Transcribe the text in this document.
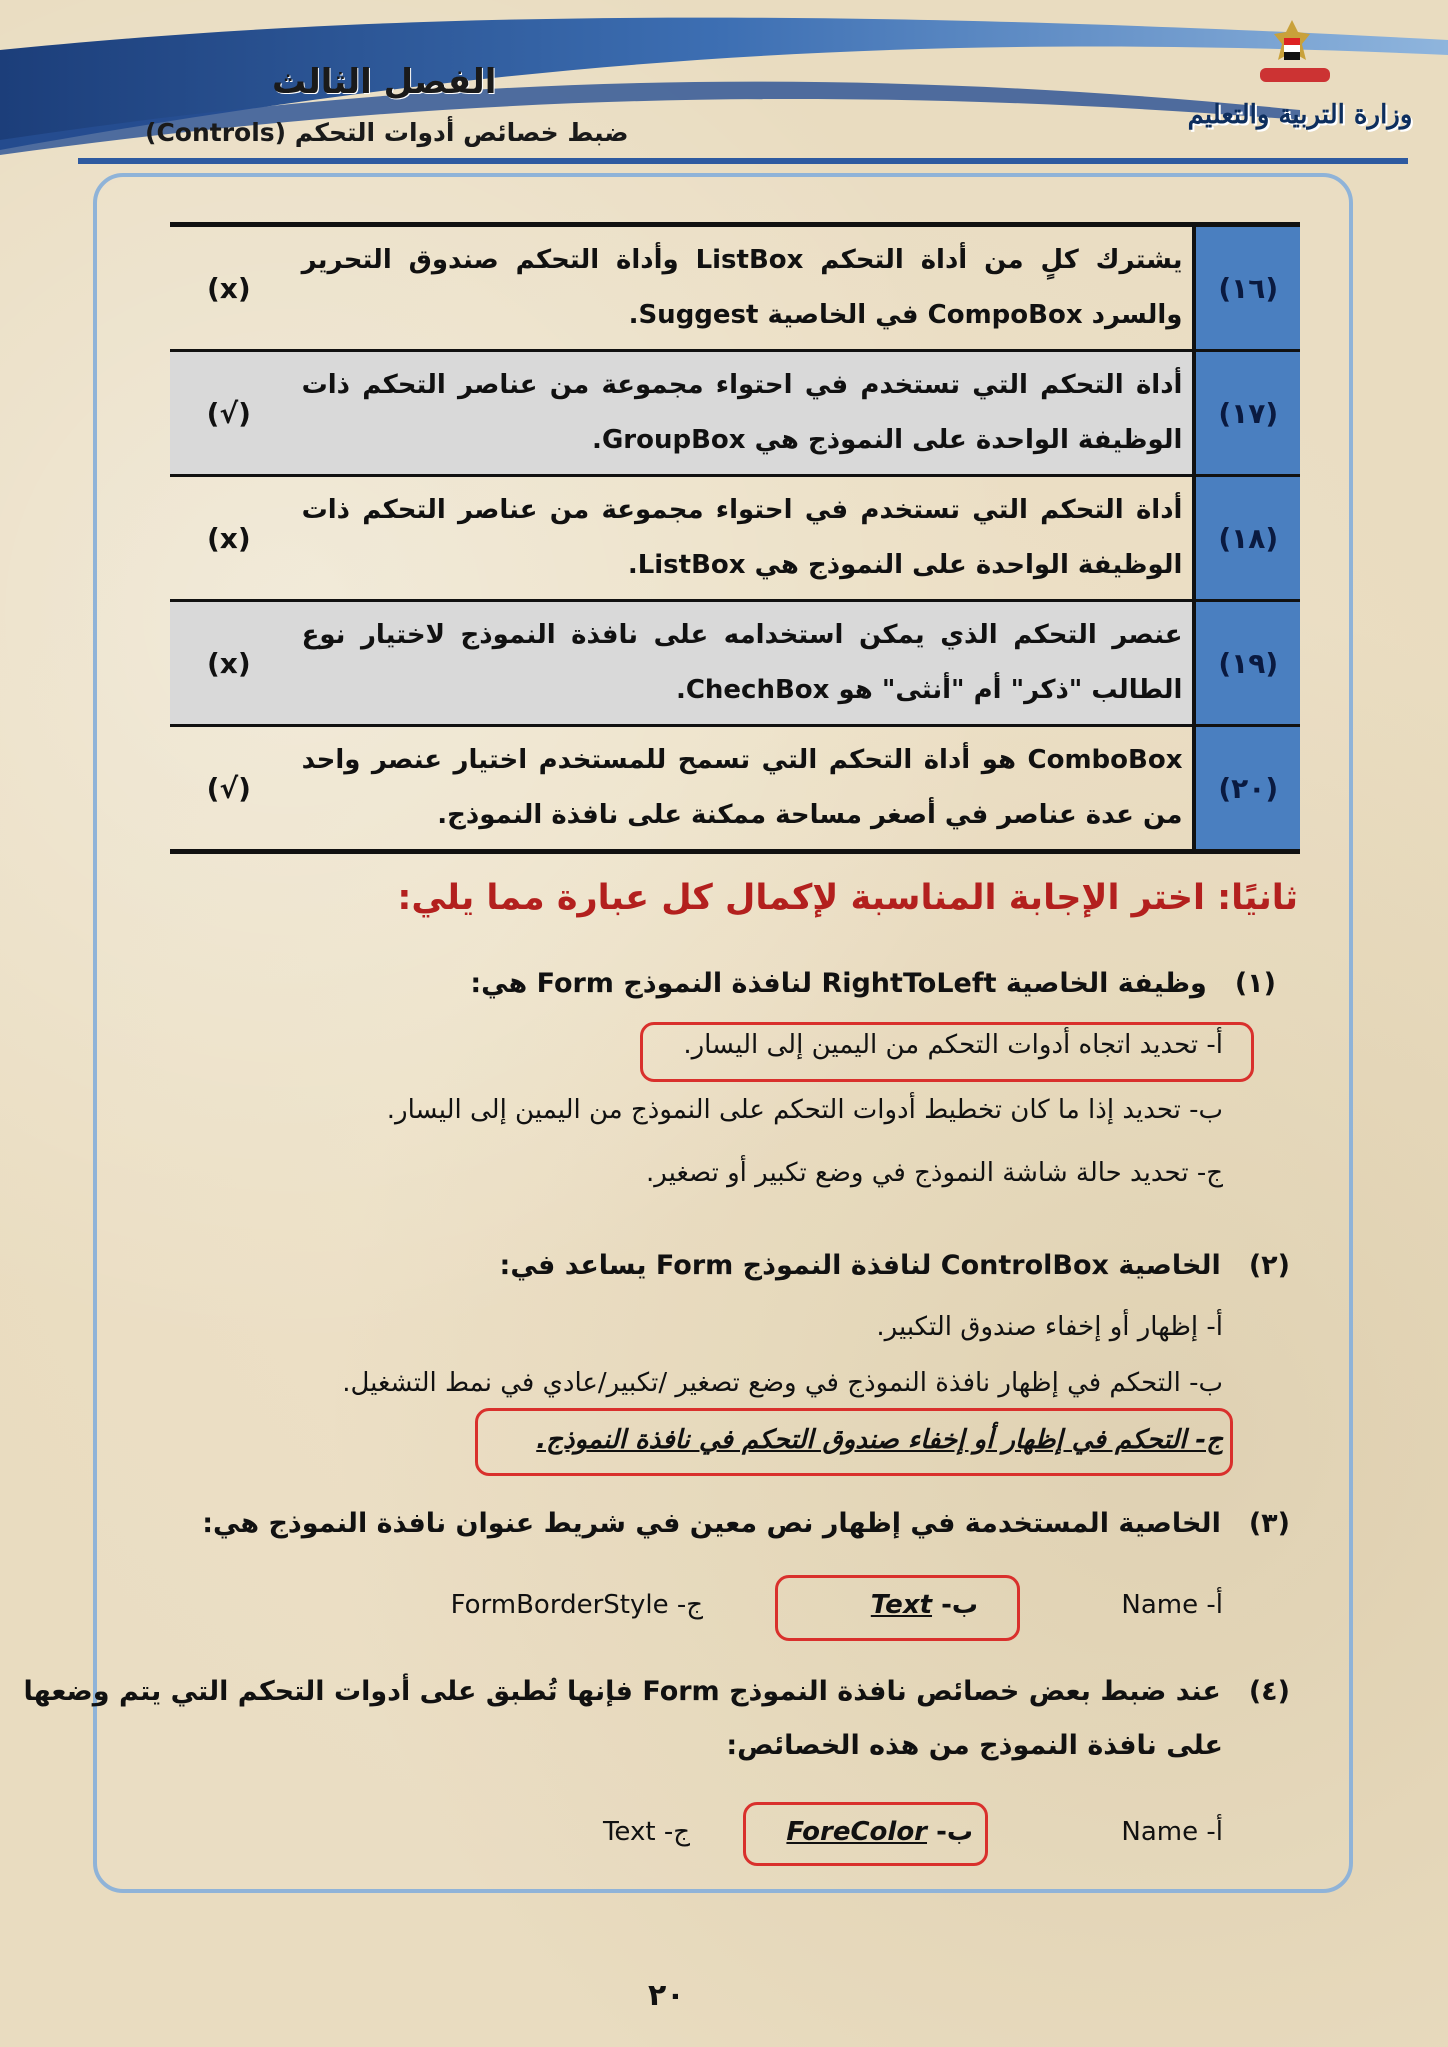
الفصل الثالث
ضبط خصائص أدوات التحكم (Controls)
وزارة التربية والتعليم
(١٦)	يشترك كلٍ من أداة التحكم ListBox وأداة التحكم صندوق التحرير والسرد CompoBox في الخاصية Suggest.	(x)
(١٧)	أداة التحكم التي تستخدم في احتواء مجموعة من عناصر التحكم ذات الوظيفة الواحدة على النموذج هي GroupBox.	(√)
(١٨)	أداة التحكم التي تستخدم في احتواء مجموعة من عناصر التحكم ذات الوظيفة الواحدة على النموذج هي ListBox.	(x)
(١٩)	عنصر التحكم الذي يمكن استخدامه على نافذة النموذج لاختيار نوع الطالب "ذكر" أم "أنثى" هو ChechBox.	(x)
(٢٠)	ComboBox هو أداة التحكم التي تسمح للمستخدم اختيار عنصر واحد من عدة عناصر في أصغر مساحة ممكنة على نافذة النموذج.	(√)
ثانيًا: اختر الإجابة المناسبة لإكمال كل عبارة مما يلي:
(١)وظيفة الخاصية RightToLeft لنافذة النموذج Form هي:
أ- تحديد اتجاه أدوات التحكم من اليمين إلى اليسار.
ب- تحديد إذا ما كان تخطيط أدوات التحكم على النموذج من اليمين إلى اليسار.
ج- تحديد حالة شاشة النموذج في وضع تكبير أو تصغير.
(٢)الخاصية ControlBox لنافذة النموذج Form يساعد في:
أ- إظهار أو إخفاء صندوق التكبير.
ب- التحكم في إظهار نافذة النموذج في وضع تصغير /تكبير/عادي في نمط التشغيل.
ج- التحكم في إظهار أو إخفاء صندوق التحكم في نافذة النموذج.
(٣)الخاصية المستخدمة في إظهار نص معين في شريط عنوان نافذة النموذج هي:
أ- Name
ب- Text
ج- FormBorderStyle
(٤)عند ضبط بعض خصائص نافذة النموذج Form فإنها تُطبق على أدوات التحكم التي يتم وضعها
على نافذة النموذج من هذه الخصائص:
أ- Name
ب- ForeColor
ج- Text
٢٠
